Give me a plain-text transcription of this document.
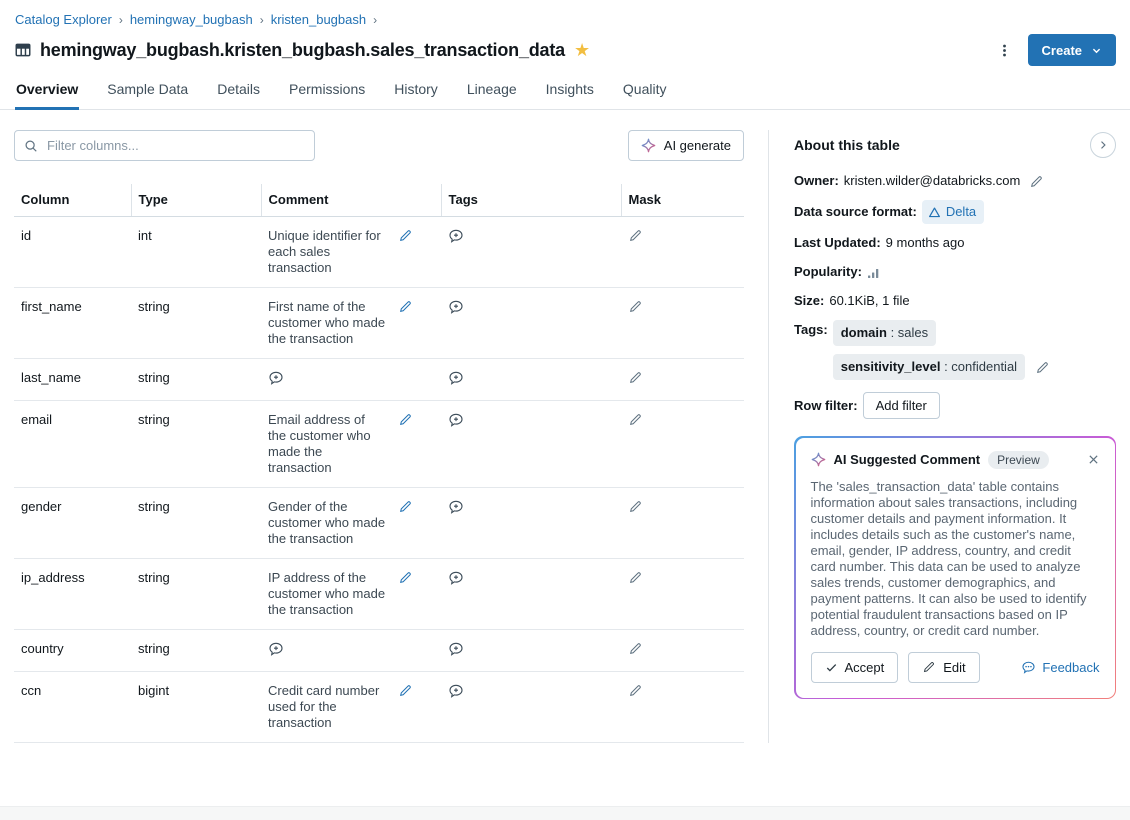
Catalog Explorer › hemingway_bugbash › kristen_bugbash ›
hemingway_bugbash.kristen_bugbash.sales_transaction_data ★	Create
Overview Sample Data Details Permissions History Lineage Insights Quality
Filter columns...
AI generate
Column	Type	Comment	Tags	Mask
id	int	Unique identifier for each sales transaction

first_name	string	First name of the customer who made the transaction

last_name	string	

email	string	Email address of the customer who made the transaction

gender	string	Gender of the customer who made the transaction

ip_address	string	IP address of the customer who made the transaction

country	string	

ccn	bigint	Credit card number used for the transaction

About this table
Owner: kristen.wilder@databricks.com
Data source format: Delta
Last Updated: 9 months ago
Popularity:
Size: 60.1KiB, 1 file
Tags:	domain : sales
sensitivity_level : confidential
Row filter:	Add filter
AI Suggested Comment	Preview
The 'sales_transaction_data' table contains information about sales transactions, including customer details and payment information. It includes details such as the customer's name, email, gender, IP address, country, and credit card number. This data can be used to analyze sales trends, customer demographics, and payment patterns. It can also be used to identify potential fraudulent transactions based on IP address, country, or credit card number.
Accept	Edit	Feedback
